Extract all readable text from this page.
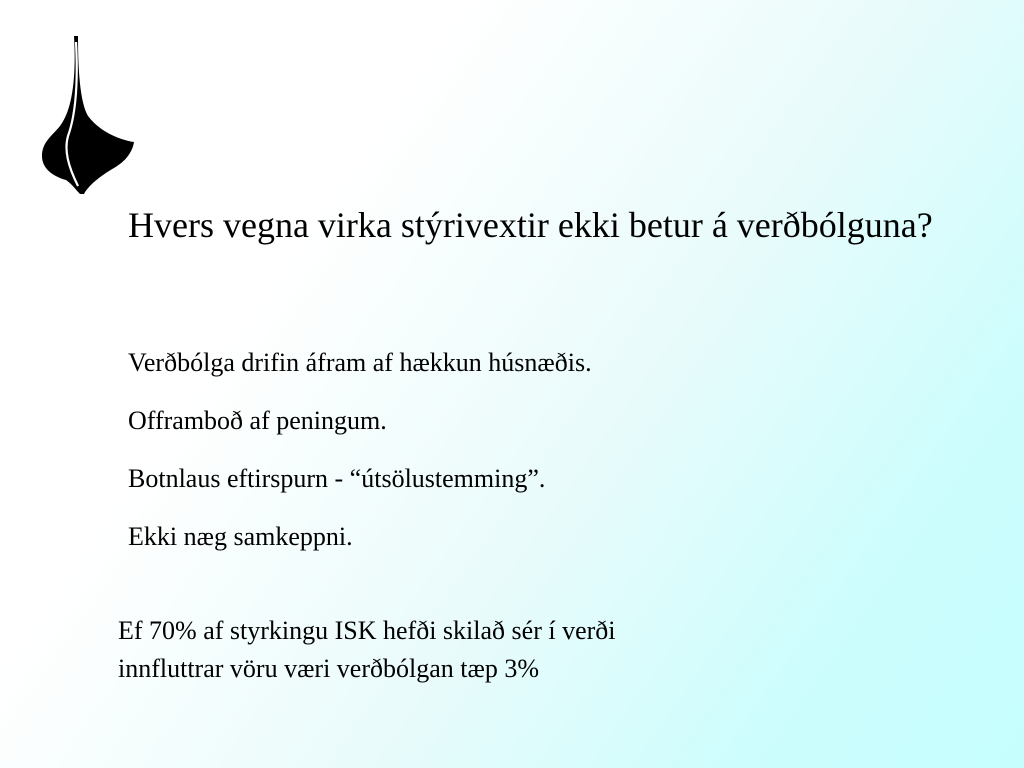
Hvers vegna virka stýrivextir ekki betur á verðbólguna?
Verðbólga drifin áfram af hækkun húsnæðis.
Offramboð af peningum.
Botnlaus eftirspurn - “útsölustemming”.
Ekki næg samkeppni.

Ef 70% af styrkingu ISK hefði skilað sér í verði
innfluttrar vöru væri verðbólgan tæp 3%
